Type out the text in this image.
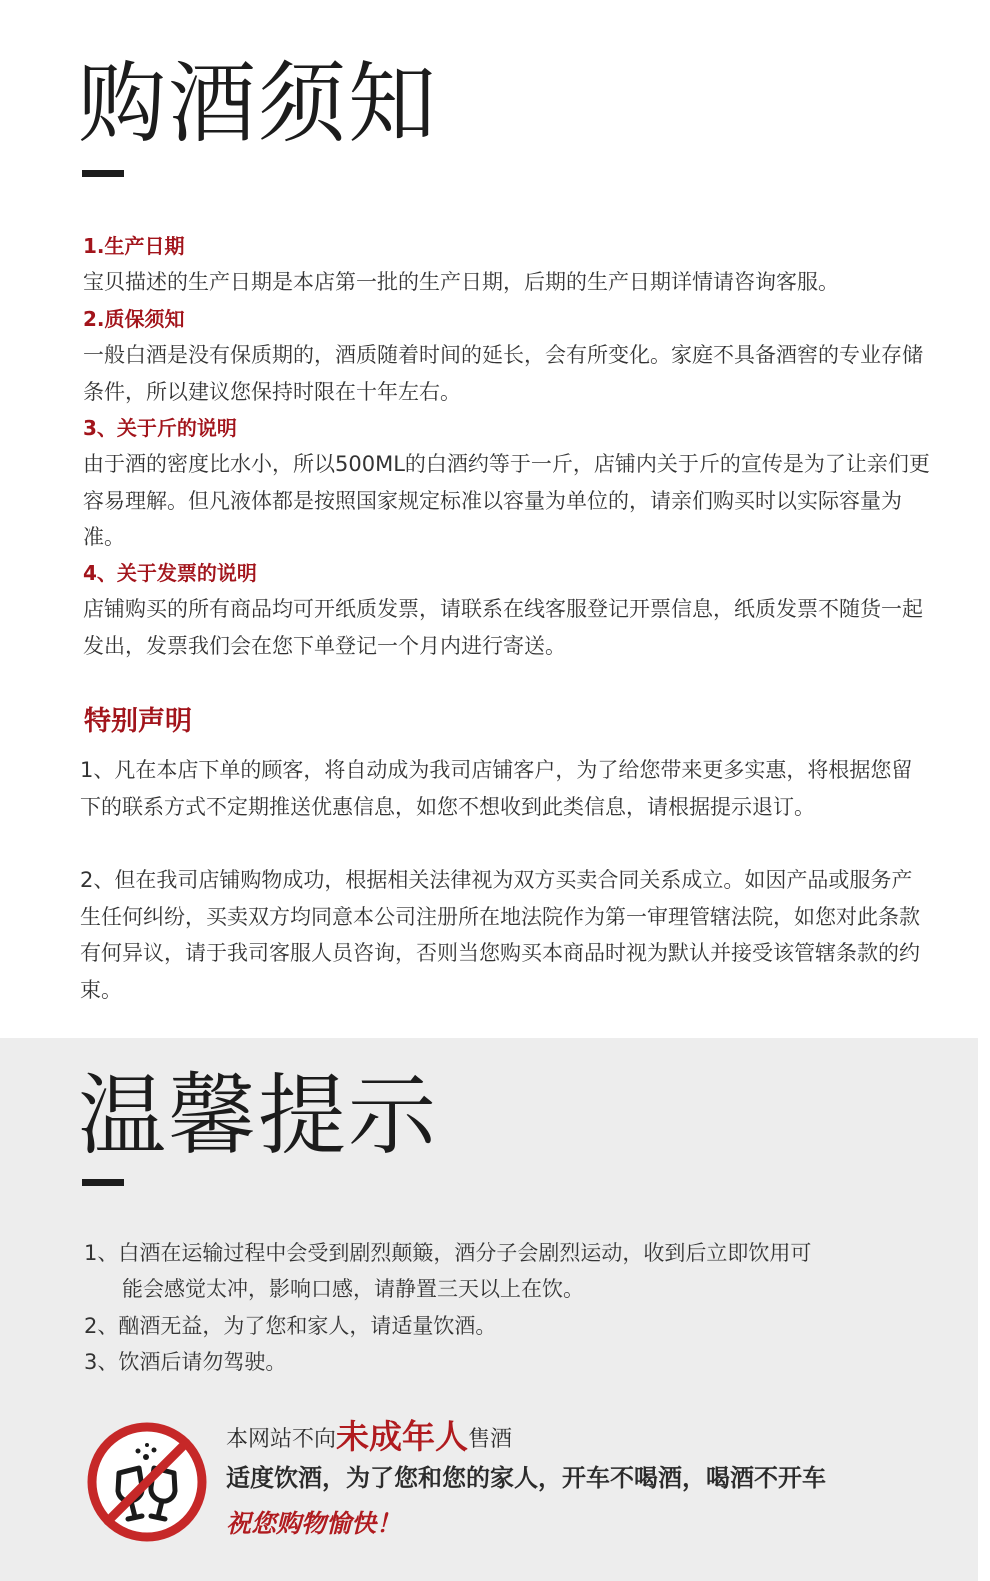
购酒须知
1.生产日期

宝贝描述的生产日期是本店第一批的生产日期，后期的生产日期详情请咨询客服。

2.质保须知

一般白酒是没有保质期的，酒质随着时间的延长，会有所变化。家庭不具备酒窖的专业存储条件，所以建议您保持时限在十年左右。

3、关于斤的说明

由于酒的密度比水小，所以500ML的白酒约等于一斤，店铺内关于斤的宣传是为了让亲们更容易理解。但凡液体都是按照国家规定标准以容量为单位的，请亲们购买时以实际容量为准。

4、关于发票的说明

店铺购买的所有商品均可开纸质发票，请联系在线客服登记开票信息，纸质发票不随货一起发出，发票我们会在您下单登记一个月内进行寄送。

特别声明

1、凡在本店下单的顾客，将自动成为我司店铺客户，为了给您带来更多实惠，将根据您留下的联系方式不定期推送优惠信息，如您不想收到此类信息，请根据提示退订。

2、但在我司店铺购物成功，根据相关法律视为双方买卖合同关系成立。如因产品或服务产生任何纠纷，买卖双方均同意本公司注册所在地法院作为第一审理管辖法院，如您对此条款有何异议，请于我司客服人员咨询，否则当您购买本商品时视为默认并接受该管辖条款的约束。

温馨提示

1、白酒在运输过程中会受到剧烈颠簸，酒分子会剧烈运动，收到后立即饮用可

能会感觉太冲，影响口感，请静置三天以上在饮。

2、酗酒无益，为了您和家人，请适量饮酒。

3、饮酒后请勿驾驶。

本网站不向未成年人售酒

适度饮酒，为了您和您的家人，开车不喝酒，喝酒不开车

祝您购物愉快！
